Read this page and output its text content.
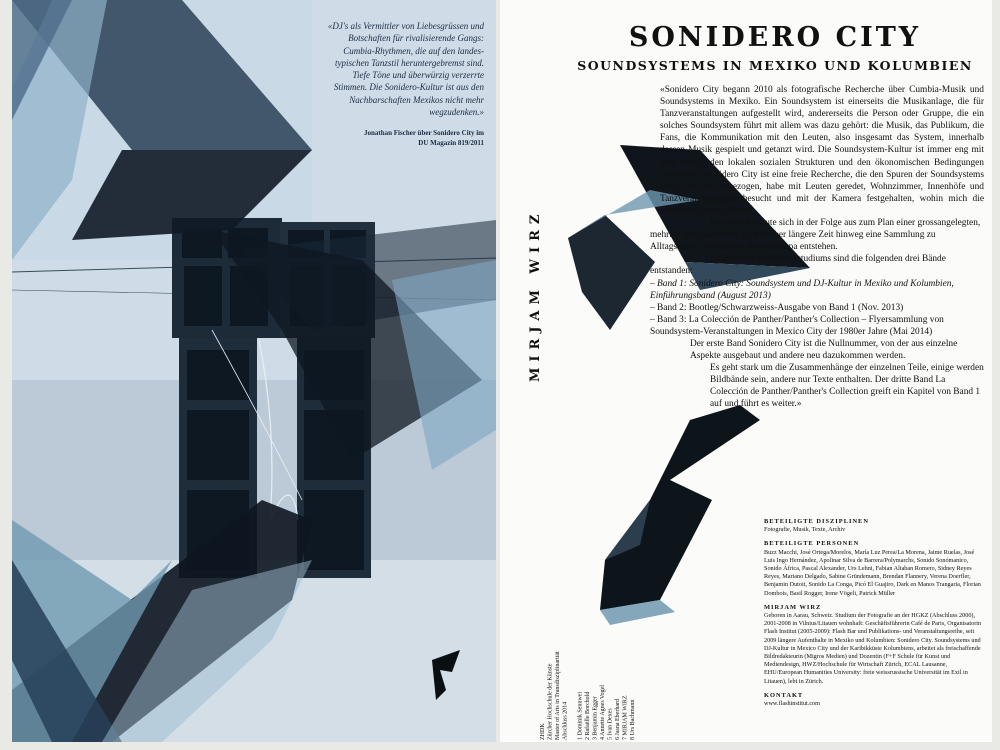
«DJ's als Vermittler von Liebesgrüssen und Botschaften für rivalisierende Gangs: Cumbia-Rhythmen, die auf den landes-typischen Tanzstil heruntergebremst sind. Tiefe Töne und überwürzig verzerrte Stimmen. Die Sonidero-Kultur ist aus den Nachbarschaften Mexikos nicht mehr wegzudenken.»
Jonathan Fischer über Sonidero City im
DU Magazin 819/2011
SONIDERO CITY
SOUNDSYSTEMS IN MEXIKO UND KOLUMBIEN
MIRJAM WIRZ

«Sonidero City begann 2010 als fotografische Recherche über Cumbia-Musik und Soundsystems in Mexiko. Ein Soundsystem ist einerseits die Musikanlage, die für Tanzveranstaltungen aufgestellt wird, andererseits die Person oder Gruppe, die ein solches Soundsystem führt mit allem was dazu gehört: die Musik, das Publikum, die Fans, die Kommunikation mit den Leuten, also insgesamt das System, innerhalb dessen Musik gespielt und getanzt wird. Die Soundsystem-Kultur ist immer eng mit dem Alltag, den lokalen sozialen Strukturen und den ökonomischen Bedingungen verbunden. Sonidero City ist eine freie Recherche, die den Spuren der Soundsystems folgt: ich bin losgezogen, habe mit Leuten geredet, Wohnzimmer, Innenhöfe und Tanzveranstaltungen besucht und mit der Kamera festgehalten, wohin mich die einzelnen Spuren führten.

Das Projekt baute sich in der Folge aus zum Plan einer grossangelegten, mehrteiligen Buchserie. Es soll über längere Zeit hinweg eine Sammlung zu Alltagskultur, Musik und Aussereuropa entstehen.

Im Rahmen des Masterstudiums sind die folgenden drei Bände entstanden:

– Band 1: Sonidero City: Soundsystem und DJ-Kultur in Mexiko und Kolumbien, Einführungsband (August 2013)

– Band 2: Bootleg/Schwarzweiss-Ausgabe von Band 1 (Nov. 2013)

– Band 3: La Colección de Panther/Panther's Collection – Flyersammlung von Soundsystem-Veranstaltungen in Mexico City der 1980er Jahre (Mai 2014)

Der erste Band Sonidero City ist die Nullnummer, von der aus einzelne Aspekte ausgebaut und andere neu dazukommen werden.

Es geht stark um die Zusammenhänge der einzelnen Teile, einige werden Bildbände sein, andere nur Texte enthalten. Der dritte Band La Colección de Panther/Panther's Collection greift ein Kapitel von Band 1 auf und führt es weiter.»

BETEILIGTE DISZIPLINEN
Fotografie, Musik, Texte, Archiv
BETEILIGTE PERSONEN
Buzz Macchi, José Ortega/Morelos, María Luz Perea/La Morena, Jaime Ruelas, José Luis Ingo Hernández, Apolinar Silva de Barrera/Polymarchs, Sonido Sonómanico, Sonido África, Pascal Alexander, Urs Lehni, Fabian Altaban Romero, Sidney Reyes Reyes, Mariano Delgado, Sabine Gründemann, Brendan Flannery, Verena Doerfler, Benjamin Dutoit, Sonido La Conga, Picó El Guajiro, Dark en Manos Trangaria, Florian Dombois, Basil Rogger, Irene Vögeli, Patrick Müller
MIRJAM WIRZ
Geboren in Aarau, Schweiz. Studium der Fotografie an der HGKZ (Abschluss 2000), 2001-2008 in Vilnius/Litauen wohnhaft: Geschäftsführerin Café de Paris, Organisatorin Flash Institut (2005-2009): Flash Bar und Publikations- und Veranstaltungsreihe, seit 2009 längere Aufenthalte in Mexiko und Kolumbien: Sonidero City. Soundsystems und DJ-Kultur in Mexico City und der Karibikküste Kolumbiens, arbeitet als freischaffende Bildredakteurin (Migros Medien) und Dozentin (F+F Schule für Kunst und Mediendesign, HWZ/Hochschule für Wirtschaft Zürich, ECAL Lausanne, EHU/European Humanities University: freie weissrussische Universität im Exil in Litauen), lebt in Zürich.
KONTAKT
www.flashinstitut.com
ZHDK Zürcher Hochschule der Künste Master of Arts in Transdisziplinarität Abschluss 2014
1 Dominik Sennwei 2 Rafaëlle Borchold 3 Benjamin Egger 4 Annette Agnes Vogel 5 Ivan Dexes 6 Jasna Eberhard 7 MIRJAM WIRZ 8 Urs Bachmann
